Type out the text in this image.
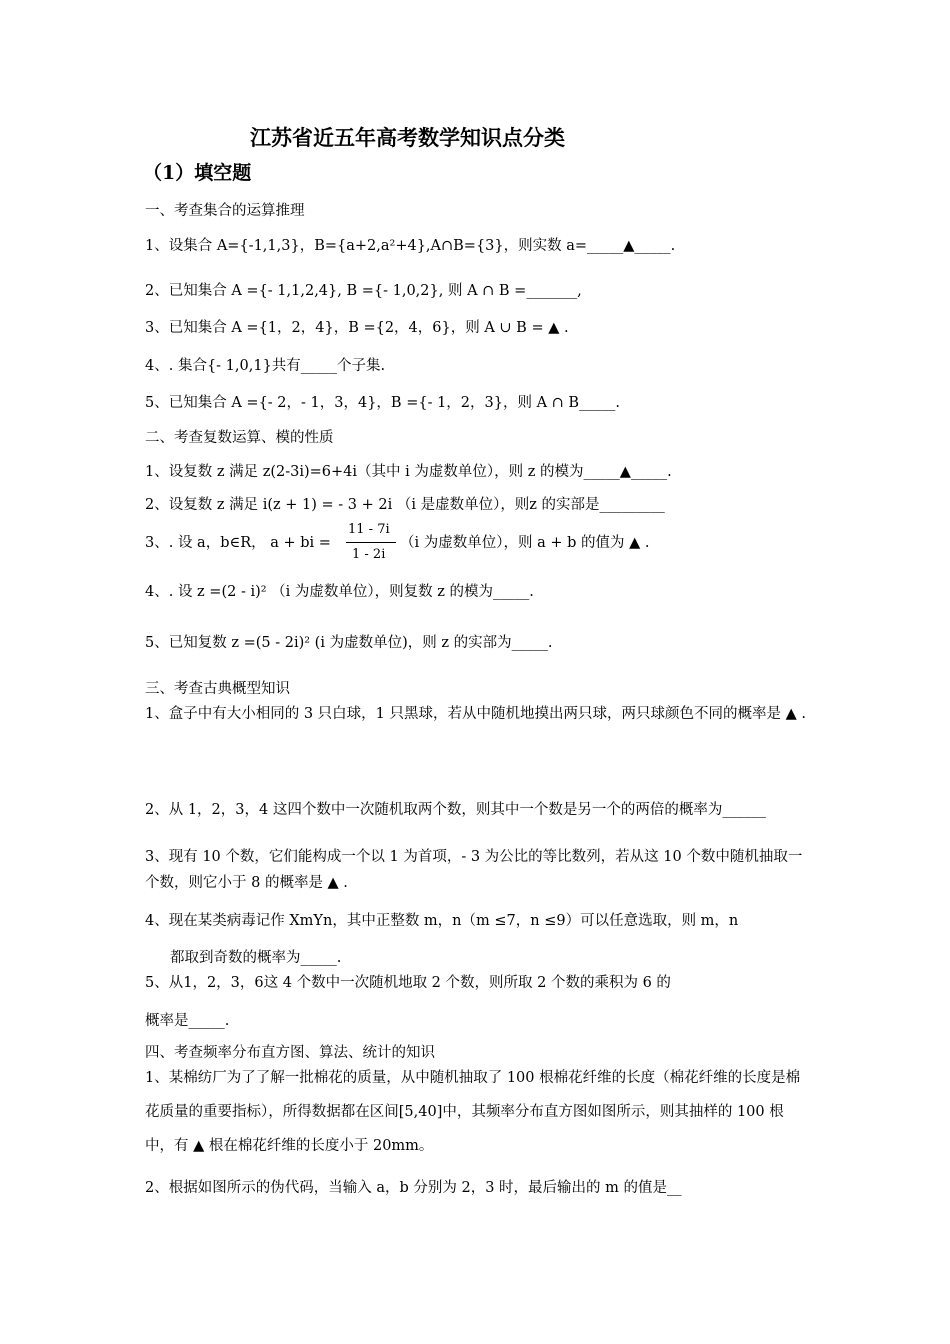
江苏省近五年高考数学知识点分类
（1）填空题
一、考查集合的运算推理
1、设集合 A={-1,1,3}，B={a+2,a²+4},A∩B={3}，则实数 a=_____▲_____.
2、已知集合 A ={- 1,1,2,4}, B ={- 1,0,2}, 则 A ∩ B =_______,
3、已知集合 A ={1，2，4}，B ={2，4，6}，则 A ∪ B = ▲ .
4、. 集合{- 1,0,1}共有_____个子集.
5、已知集合 A ={- 2，- 1，3，4}，B ={- 1，2，3}，则 A ∩ B_____.
二、考查复数运算、模的性质
1、设复数 z 满足 z(2-3i)=6+4i（其中 i 为虚数单位），则 z 的模为_____▲_____.
2、设复数 z 满足 i(z + 1) = - 3 + 2i （i 是虚数单位），则z 的实部是_________
3、. 设 a，b∈R， a + bi =
11 - 7i
1 - 2i
（i 为虚数单位），则 a + b 的值为 ▲ .
4、. 设 z =(2 - i)² （i 为虚数单位），则复数 z 的模为_____.
5、已知复数 z =(5 - 2i)² (i 为虚数单位)，则 z 的实部为_____.
三、考查古典概型知识
1、盒子中有大小相同的 3 只白球，1 只黑球，若从中随机地摸出两只球，两只球颜色不同的概率是 ▲ .
2、从 1，2，3，4 这四个数中一次随机取两个数，则其中一个数是另一个的两倍的概率为______
3、现有 10 个数，它们能构成一个以 1 为首项，- 3 为公比的等比数列，若从这 10 个数中随机抽取一个数，则它小于 8 的概率是 ▲ .
4、现在某类病毒记作 XmYn，其中正整数 m，n（m ≤7，n ≤9）可以任意选取，则 m，n
都取到奇数的概率为_____.
5、从1，2，3，6这 4 个数中一次随机地取 2 个数，则所取 2 个数的乘积为 6 的
概率是_____.
四、考查频率分布直方图、算法、统计的知识
1、某棉纺厂为了了解一批棉花的质量，从中随机抽取了 100 根棉花纤维的长度（棉花纤维的长度是棉花质量的重要指标），所得数据都在区间[5,40]中，其频率分布直方图如图所示，则其抽样的 100 根中，有 ▲ 根在棉花纤维的长度小于 20mm。
2、根据如图所示的伪代码，当输入 a，b 分别为 2，3 时，最后输出的 m 的值是__
